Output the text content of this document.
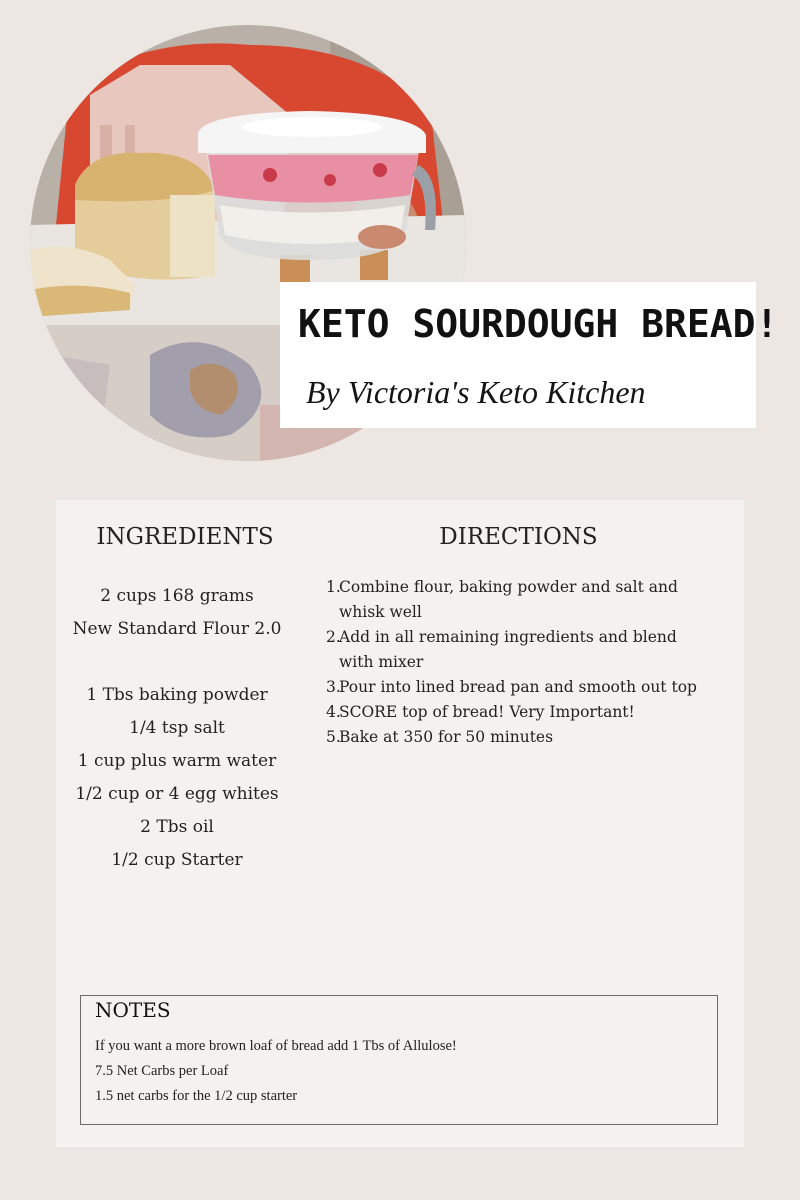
KETO SOURDOUGH BREAD!

By Victoria's Keto Kitchen

INGREDIENTS	DIRECTIONS
2 cups 168 grams
New Standard Flour 2.0
1 Tbs baking powder
1/4 tsp salt
1 cup plus warm water
1/2 cup or 4 egg whites
2 Tbs oil
1/2 cup Starter
1.
Combine flour, baking powder and salt and whisk well
2.
Add in all remaining ingredients and blend with mixer
3.
Pour into lined bread pan and smooth out top
4.
SCORE top of bread! Very Important!
5.
Bake at 350 for 50 minutes
NOTES
If you want a more brown loaf of bread add 1 Tbs of Allulose!
7.5 Net Carbs per Loaf
1.5 net carbs for the 1/2 cup starter
